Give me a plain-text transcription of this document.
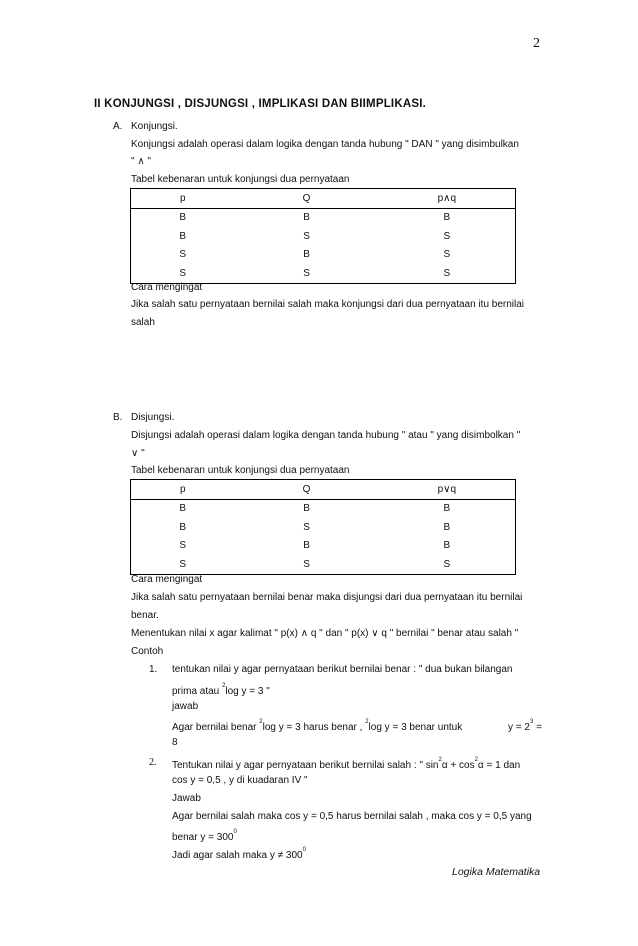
2
II KONJUNGSI , DISJUNGSI , IMPLIKASI DAN BIIMPLIKASI.
A. Konjungsi.
Konjungsi adalah operasi dalam logika dengan tanda hubung " DAN " yang disimbulkan
" ∧ "
Tabel kebenaran untuk konjungsi dua pernyataan
p	Q	p∧q
B	B	B
B	S	S
S	B	S
S	S	S
Cara mengingat
Jika salah satu pernyataan bernilai salah maka konjungsi dari dua pernyataan itu bernilai
salah
B. Disjungsi.
Disjungsi adalah operasi dalam logika dengan tanda hubung " atau " yang disimbolkan "
∨ "
Tabel kebenaran untuk konjungsi dua pernyataan
p	Q	p∨q
B	B	B
B	S	B
S	B	B
S	S	S
Cara mengingat
Jika salah satu pernyataan bernilai benar maka disjungsi dari dua pernyataan itu bernilai
benar.
Menentukan nilai x agar kalimat " p(x) ∧ q " dan " p(x) ∨ q " bernilai " benar atau salah "
Contoh
1. tentukan nilai y agar pernyataan berikut bernilai benar : " dua bukan bilangan
prima atau $^2$log y = 3 "
jawab
Agar bernilai benar $^2$log y = 3 harus benar , $^2$log y = 3 benar untuk	$y = 2^3$ =
8
2. Tentukan nilai y agar pernyataan berikut bernilai salah : " $\sin^2\alpha + \cos^2\alpha = 1$ dan
cos y = 0,5 , y di kuadaran IV "
Jawab
Agar bernilai salah maka cos y = 0,5 harus bernilai salah , maka cos y = 0,5 yang
benar $y = 300^0$
Jadi agar salah maka $y \ne 300^0$
Logika Matematika
